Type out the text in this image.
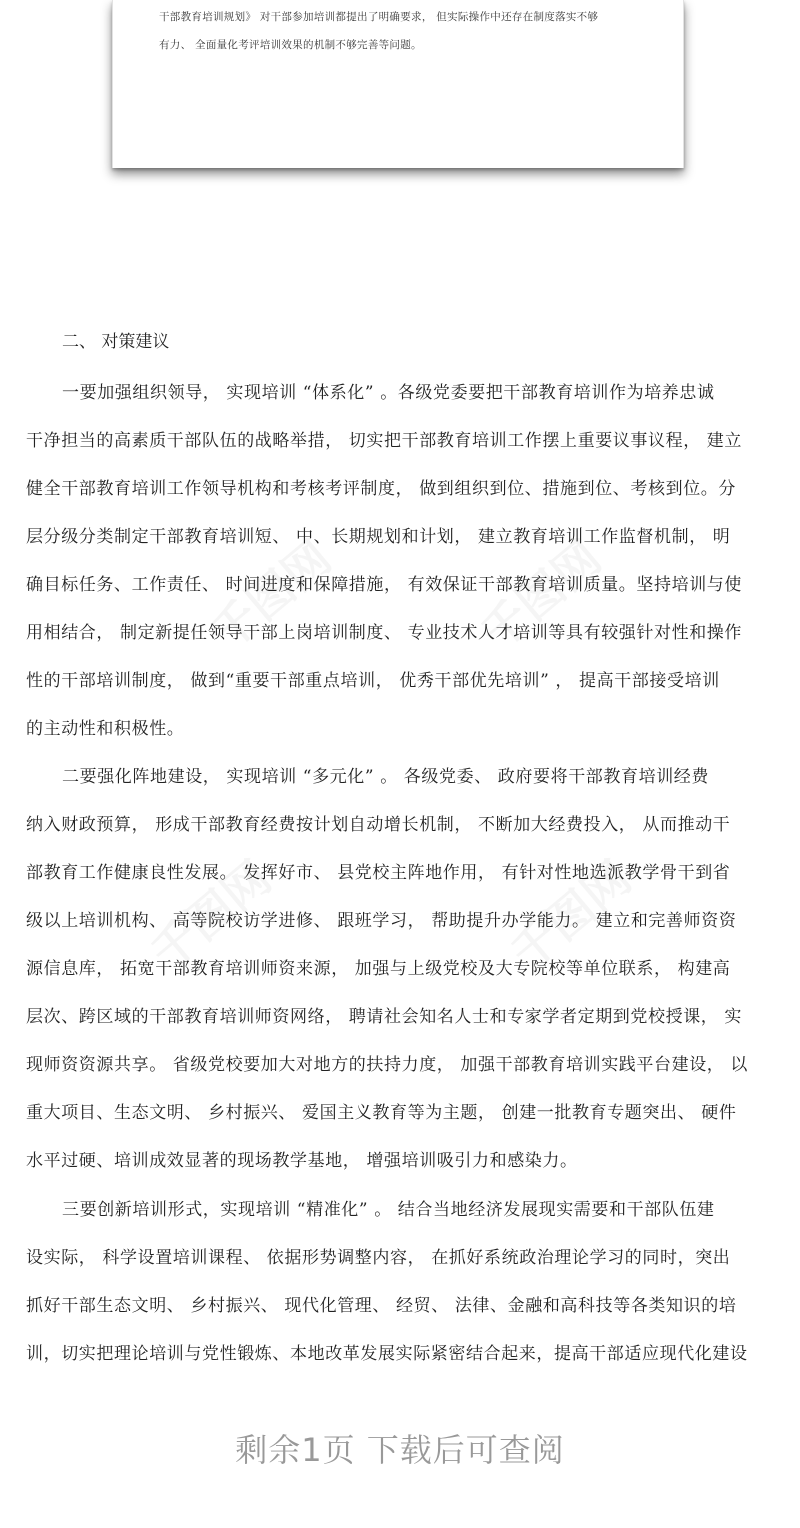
干部教育培训规划》 对干部参加培训都提出了明确要求， 但实际操作中还存在制度落实不够
有力、 全面量化考评培训效果的机制不够完善等问题。
千图网	千图网
千图网	千图网
二、 对策建议
一要加强组织领导， 实现培训 “体系化” 。各级党委要把干部教育培训作为培养忠诚
干净担当的高素质干部队伍的战略举措， 切实把干部教育培训工作摆上重要议事议程， 建立
健全干部教育培训工作领导机构和考核考评制度， 做到组织到位、措施到位、考核到位。分
层分级分类制定干部教育培训短、 中、长期规划和计划， 建立教育培训工作监督机制， 明
确目标任务、工作责任、 时间进度和保障措施， 有效保证干部教育培训质量。坚持培训与使
用相结合， 制定新提任领导干部上岗培训制度、 专业技术人才培训等具有较强针对性和操作
性的干部培训制度， 做到“重要干部重点培训， 优秀干部优先培训” ， 提高干部接受培训
的主动性和积极性。
二要强化阵地建设， 实现培训 “多元化” 。 各级党委、 政府要将干部教育培训经费
纳入财政预算， 形成干部教育经费按计划自动增长机制， 不断加大经费投入， 从而推动干
部教育工作健康良性发展。 发挥好市、 县党校主阵地作用， 有针对性地选派教学骨干到省
级以上培训机构、 高等院校访学进修、 跟班学习， 帮助提升办学能力。 建立和完善师资资
源信息库， 拓宽干部教育培训师资来源， 加强与上级党校及大专院校等单位联系， 构建高
层次、跨区域的干部教育培训师资网络， 聘请社会知名人士和专家学者定期到党校授课， 实
现师资资源共享。 省级党校要加大对地方的扶持力度， 加强干部教育培训实践平台建设， 以
重大项目、生态文明、 乡村振兴、 爱国主义教育等为主题， 创建一批教育专题突出、 硬件
水平过硬、培训成效显著的现场教学基地， 增强培训吸引力和感染力。
三要创新培训形式，实现培训 “精准化” 。 结合当地经济发展现实需要和干部队伍建
设实际， 科学设置培训课程、 依据形势调整内容， 在抓好系统政治理论学习的同时，突出
抓好干部生态文明、 乡村振兴、 现代化管理、 经贸、 法律、金融和高科技等各类知识的培
训，切实把理论培训与党性锻炼、本地改革发展实际紧密结合起来，提高干部适应现代化建设
剩余1页 下载后可查阅
